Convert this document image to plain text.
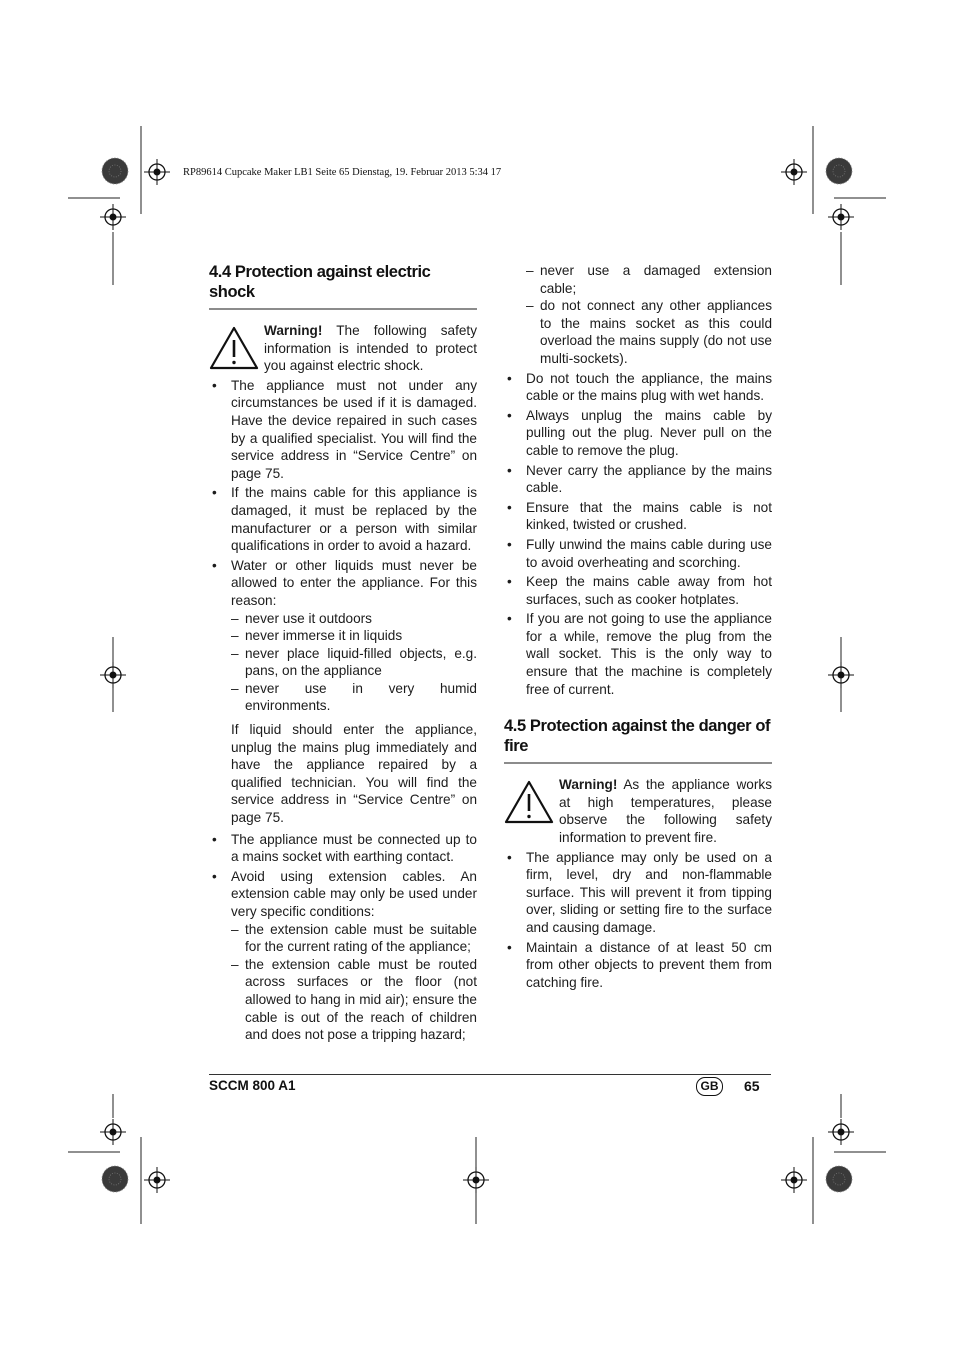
RP89614 Cupcake Maker LB1 Seite 65 Dienstag, 19. Februar 2013 5:34 17
4.4 Protection against electric shock
Warning! The following safety information is intended to protect you against electric shock.
• The appliance must not under any circumstances be used if it is damaged. Have the device repaired in such cases by a qualified specialist. You will find the service address in “Service Centre” on page 75.
• If the mains cable for this appliance is damaged, it must be replaced by the manufacturer or a person with similar qualifications in order to avoid a hazard.
• Water or other liquids must never be allowed to enter the appliance. For this reason:
– never use it outdoors
– never immerse it in liquids
– never place liquid-filled objects, e.g. pans, on the appliance
– never use in very humid environments.
If liquid should enter the appliance, unplug the mains plug immediately and have the appliance repaired by a qualified technician. You will find the service address in “Service Centre” on page 75.
• The appliance must be connected up to a mains socket with earthing contact.
• Avoid using extension cables. An extension cable may only be used under very specific conditions:
– the extension cable must be suitable for the current rating of the appliance;
– the extension cable must be routed across surfaces or the floor (not allowed to hang in mid air); ensure the cable is out of the reach of children and does not pose a tripping hazard;
– never use a damaged extension cable;
– do not connect any other appliances to the mains socket as this could overload the mains supply (do not use multi-sockets).
• Do not touch the appliance, the mains cable or the mains plug with wet hands.
• Always unplug the mains cable by pulling out the plug. Never pull on the cable to remove the plug.
• Never carry the appliance by the mains cable.
• Ensure that the mains cable is not kinked, twisted or crushed.
• Fully unwind the mains cable during use to avoid overheating and scorching.
• Keep the mains cable away from hot surfaces, such as cooker hotplates.
• If you are not going to use the appliance for a while, remove the plug from the wall socket. This is the only way to ensure that the machine is completely free of current.
4.5 Protection against the danger of fire
Warning! As the appliance works at high temperatures, please observe the following safety information to prevent fire.
• The appliance may only be used on a firm, level, dry and non-flammable surface. This will prevent it from tipping over, sliding or setting fire to the surface and causing damage.
• Maintain a distance of at least 50 cm from other objects to prevent them from catching fire.
SCCM 800 A1	GB	65
